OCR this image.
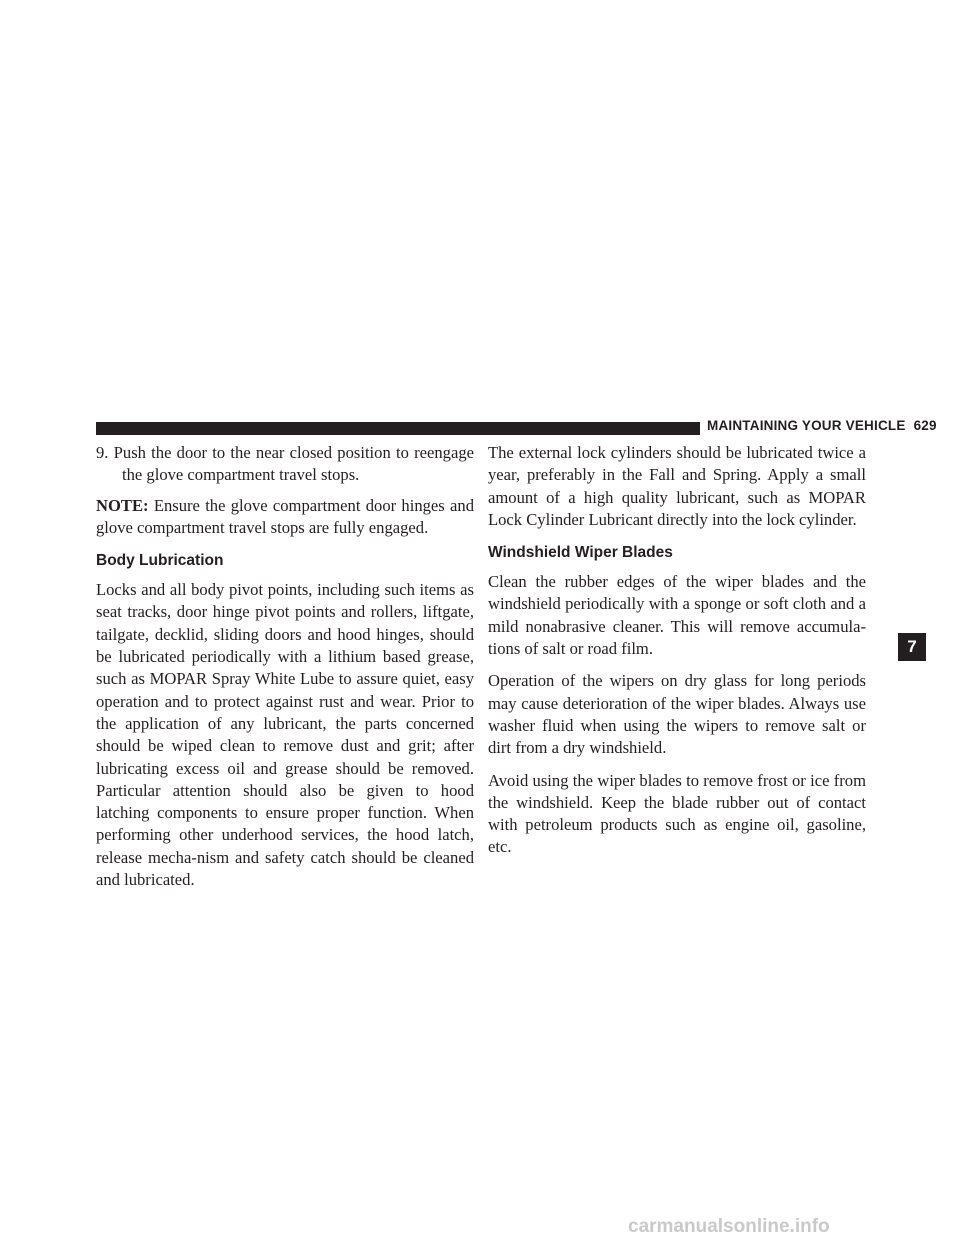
MAINTAINING YOUR VEHICLE 629

9. Push the door to the near closed position to reengage the glove compartment travel stops.

NOTE: Ensure the glove compartment door hinges and glove compartment travel stops are fully engaged.

Body Lubrication

Locks and all body pivot points, including such items as seat tracks, door hinge pivot points and rollers, liftgate, tailgate, decklid, sliding doors and hood hinges, should be lubricated periodically with a lithium based grease, such as MOPAR Spray White Lube to assure quiet, easy operation and to protect against rust and wear. Prior to the application of any lubricant, the parts concerned should be wiped clean to remove dust and grit; after lubricating excess oil and grease should be removed. Particular attention should also be given to hood latching components to ensure proper function. When performing other underhood services, the hood latch, release mecha-nism and safety catch should be cleaned and lubricated.

The external lock cylinders should be lubricated twice a year, preferably in the Fall and Spring. Apply a small amount of a high quality lubricant, such as MOPAR Lock Cylinder Lubricant directly into the lock cylinder.

Windshield Wiper Blades

Clean the rubber edges of the wiper blades and the windshield periodically with a sponge or soft cloth and a mild nonabrasive cleaner. This will remove accumula-tions of salt or road film.

Operation of the wipers on dry glass for long periods may cause deterioration of the wiper blades. Always use washer fluid when using the wipers to remove salt or dirt from a dry windshield.

Avoid using the wiper blades to remove frost or ice from the windshield. Keep the blade rubber out of contact with petroleum products such as engine oil, gasoline, etc.

7
carmanualsonline.info
